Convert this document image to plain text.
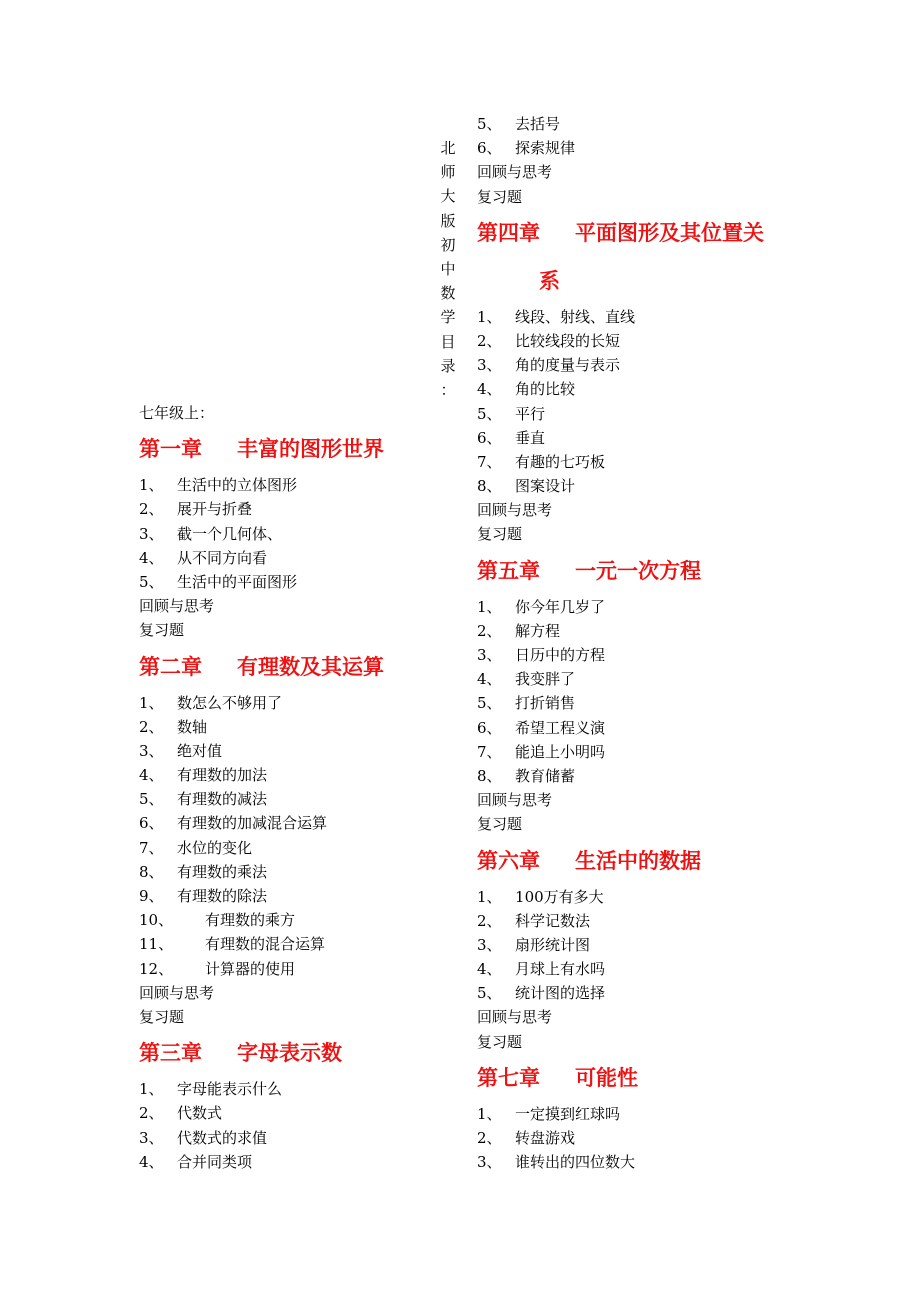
北
师
大
版
初
中
数
学
目
录
：
七年级上：
第一章 丰富的图形世界
1、 生活中的立体图形
2、 展开与折叠
3、 截一个几何体、
4、 从不同方向看
5、 生活中的平面图形
回顾与思考
复习题
第二章 有理数及其运算
1、 数怎么不够用了
2、 数轴
3、 绝对值
4、 有理数的加法
5、 有理数的减法
6、 有理数的加减混合运算
7、 水位的变化
8、 有理数的乘法
9、 有理数的除法
10、 有理数的乘方
11、 有理数的混合运算
12、 计算器的使用
回顾与思考
复习题
第三章 字母表示数
1、 字母能表示什么
2、 代数式
3、 代数式的求值
4、 合并同类项
5、 去括号
6、 探索规律
回顾与思考
复习题
第四章 平面图形及其位置关
系
1、 线段、射线、直线
2、 比较线段的长短
3、 角的度量与表示
4、 角的比较
5、 平行
6、 垂直
7、 有趣的七巧板
8、 图案设计
回顾与思考
复习题
第五章 一元一次方程
1、 你今年几岁了
2、 解方程
3、 日历中的方程
4、 我变胖了
5、 打折销售
6、 希望工程义演
7、 能追上小明吗
8、 教育储蓄
回顾与思考
复习题
第六章 生活中的数据
1、 100万有多大
2、 科学记数法
3、 扇形统计图
4、 月球上有水吗
5、 统计图的选择
回顾与思考
复习题
第七章 可能性
1、 一定摸到红球吗
2、 转盘游戏
3、 谁转出的四位数大
